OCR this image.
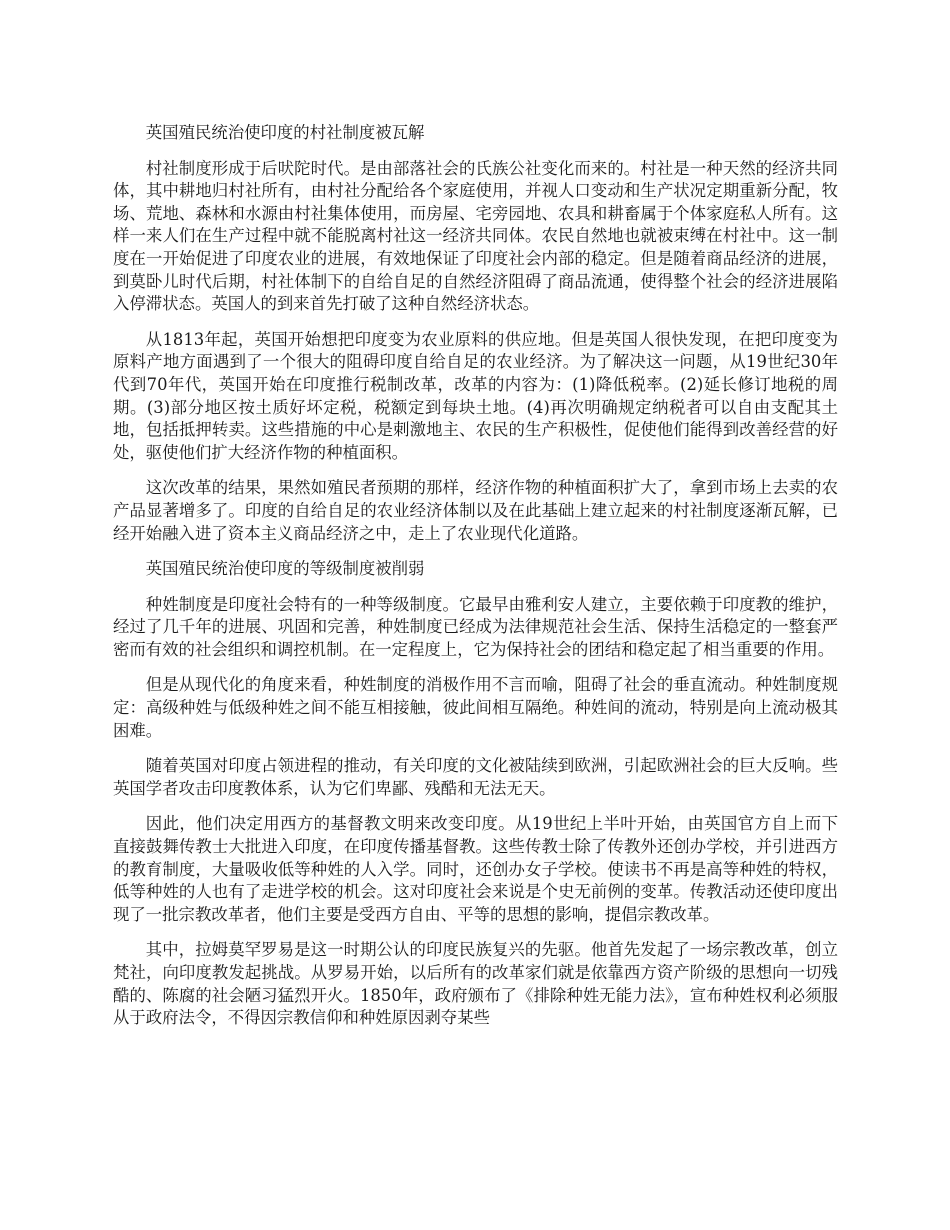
英国殖民统治使印度的村社制度被瓦解

村社制度形成于后吠陀时代。是由部落社会的氏族公社变化而来的。村社是一种天然的经济共同体，其中耕地归村社所有，由村社分配给各个家庭使用，并视人口变动和生产状况定期重新分配，牧场、荒地、森林和水源由村社集体使用，而房屋、宅旁园地、农具和耕畜属于个体家庭私人所有。这样一来人们在生产过程中就不能脱离村社这一经济共同体。农民自然地也就被束缚在村社中。这一制度在一开始促进了印度农业的进展，有效地保证了印度社会内部的稳定。但是随着商品经济的进展，到莫卧儿时代后期，村社体制下的自给自足的自然经济阻碍了商品流通，使得整个社会的经济进展陷入停滞状态。英国人的到来首先打破了这种自然经济状态。

从1813年起，英国开始想把印度变为农业原料的供应地。但是英国人很快发现，在把印度变为原料产地方面遇到了一个很大的阻碍印度自给自足的农业经济。为了解决这一问题，从19世纪30年代到70年代，英国开始在印度推行税制改革，改革的内容为：(1)降低税率。(2)延长修订地税的周期。(3)部分地区按土质好坏定税，税额定到每块土地。(4)再次明确规定纳税者可以自由支配其土地，包括抵押转卖。这些措施的中心是刺激地主、农民的生产积极性，促使他们能得到改善经营的好处，驱使他们扩大经济作物的种植面积。

这次改革的结果，果然如殖民者预期的那样，经济作物的种植面积扩大了，拿到市场上去卖的农产品显著增多了。印度的自给自足的农业经济体制以及在此基础上建立起来的村社制度逐渐瓦解，已经开始融入进了资本主义商品经济之中，走上了农业现代化道路。

英国殖民统治使印度的等级制度被削弱

种姓制度是印度社会特有的一种等级制度。它最早由雅利安人建立，主要依赖于印度教的维护，经过了几千年的进展、巩固和完善，种姓制度已经成为法律规范社会生活、保持生活稳定的一整套严密而有效的社会组织和调控机制。在一定程度上，它为保持社会的团结和稳定起了相当重要的作用。

但是从现代化的角度来看，种姓制度的消极作用不言而喻，阻碍了社会的垂直流动。种姓制度规定：高级种姓与低级种姓之间不能互相接触，彼此间相互隔绝。种姓间的流动，特别是向上流动极其困难。

随着英国对印度占领进程的推动，有关印度的文化被陆续到欧洲，引起欧洲社会的巨大反响。些英国学者攻击印度教体系，认为它们卑鄙、残酷和无法无天。

因此，他们决定用西方的基督教文明来改变印度。从19世纪上半叶开始，由英国官方自上而下直接鼓舞传教士大批进入印度，在印度传播基督教。这些传教士除了传教外还创办学校，并引进西方的教育制度，大量吸收低等种姓的人入学。同时，还创办女子学校。使读书不再是高等种姓的特权，低等种姓的人也有了走进学校的机会。这对印度社会来说是个史无前例的变革。传教活动还使印度出现了一批宗教改革者，他们主要是受西方自由、平等的思想的影响，提倡宗教改革。

其中，拉姆莫罕罗易是这一时期公认的印度民族复兴的先驱。他首先发起了一场宗教改革，创立梵社，向印度教发起挑战。从罗易开始，以后所有的改革家们就是依靠西方资产阶级的思想向一切残酷的、陈腐的社会陋习猛烈开火。1850年，政府颁布了《排除种姓无能力法》，宣布种姓权利必须服从于政府法令，不得因宗教信仰和种姓原因剥夺某些
